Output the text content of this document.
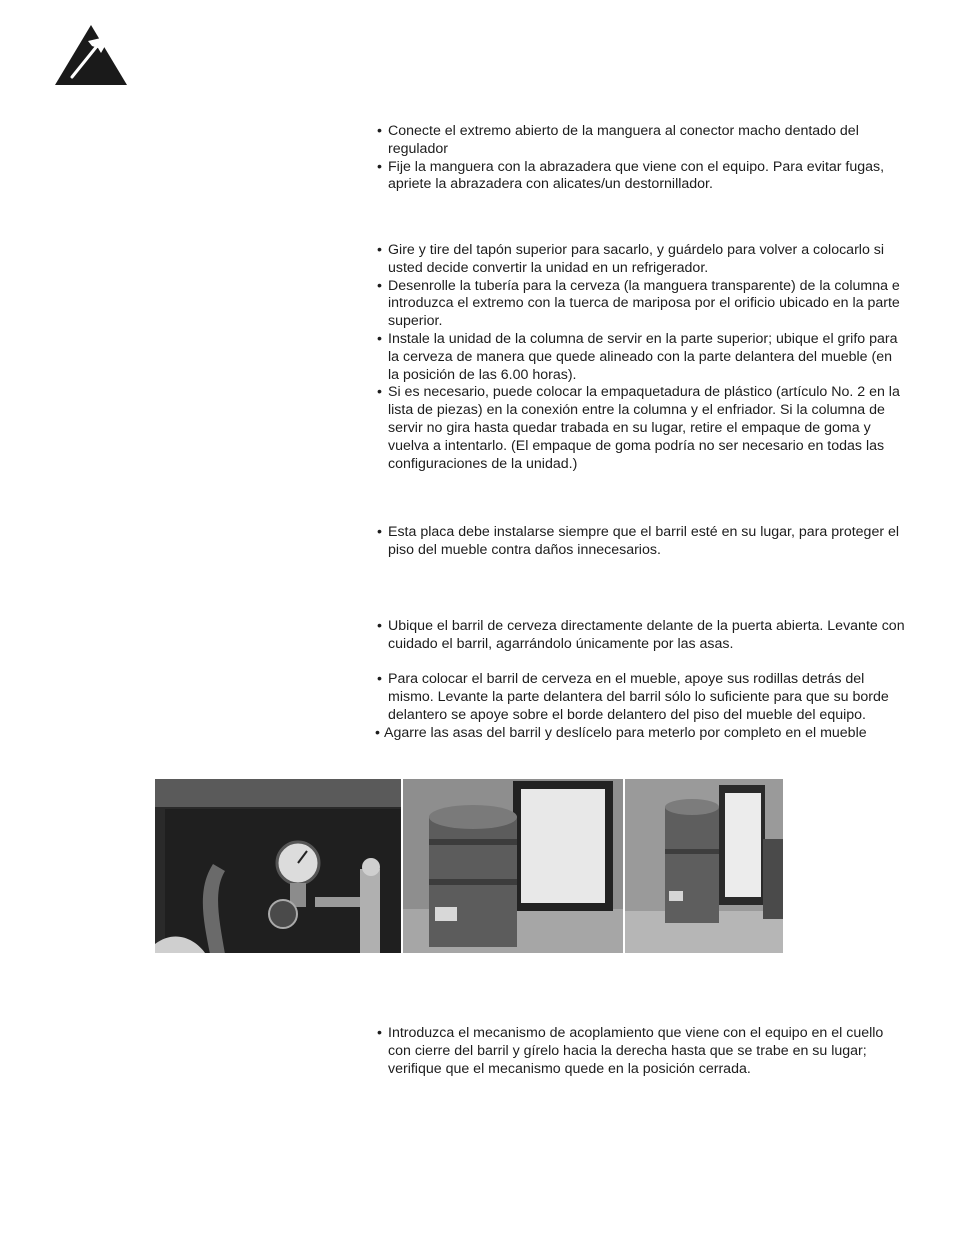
• Conecte el extremo abierto de la manguera al conector macho dentado del regulador

• Fije la manguera con la abrazadera que viene con el equipo. Para evitar fugas, apriete la abrazadera con alicates/un destornillador.

• Gire y tire del tapón superior para sacarlo, y guárdelo para volver a colocarlo si usted decide convertir la unidad en un refrigerador.

• Desenrolle la tubería para la cerveza (la manguera transparente) de la columna e introduzca el extremo con la tuerca de mariposa por el orificio ubicado en la parte superior.

• Instale la unidad de la columna de servir en la parte superior; ubique el grifo para la cerveza de manera que quede alineado con la parte delantera del mueble (en la posición de las 6.00 horas).

• Si es necesario, puede colocar la empaquetadura de plástico (artículo No. 2 en la lista de piezas) en la conexión entre la columna y el enfriador. Si la columna de servir no gira hasta quedar trabada en su lugar, retire el empaque de goma y vuelva a intentarlo. (El empaque de goma podría no ser necesario en todas las configuraciones de la unidad.)

• Esta placa debe instalarse siempre que el barril esté en su lugar, para proteger el piso del mueble contra daños innecesarios.

• Ubique el barril de cerveza directamente delante de la puerta abierta. Levante con cuidado el barril, agarrándolo únicamente por las asas.

• Para colocar el barril de cerveza en el mueble, apoye sus rodillas detrás del mismo. Levante la parte delantera del barril sólo lo suficiente para que su borde delantero se apoye sobre el borde delantero del piso del mueble del equipo.

• Agarre las asas del barril y deslícelo para meterlo por completo en el mueble

• Introduzca el mecanismo de acoplamiento que viene con el equipo en el cuello con cierre del barril y gírelo hacia la derecha hasta que se trabe en su lugar; verifique que el mecanismo quede en la posición cerrada.
